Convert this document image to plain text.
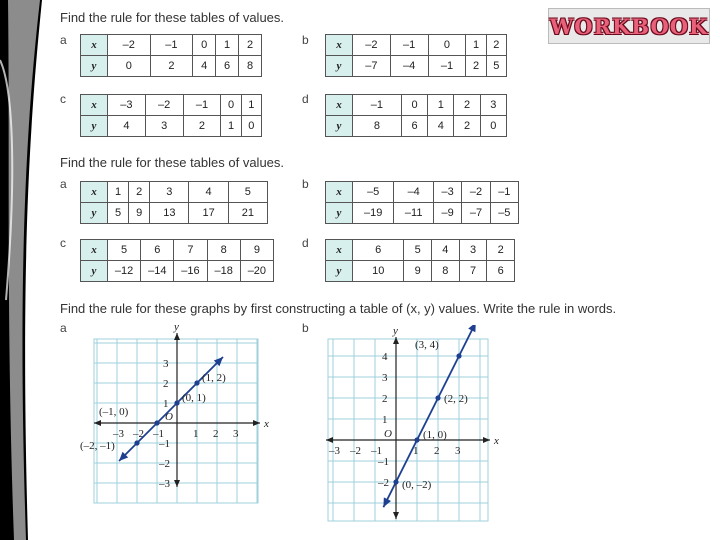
WORKBOOK
Find the rule for these tables of values.
a x	–2	–1	0	1	2
y	0	2	4	6	8
b	x	–2	–1	0	1	2
y	–7	–4	–1	2	5
c x	–3	–2	–1	0	1
y	4	3	2	1	0
d	x	–1	0	1	2	3
y	8	6	4	2	0
Find the rule for these tables of values.
a
x	1	2	3	4	5
y	5	9	13	17	21
b
x	–5	–4	–3	–2	–1
y	–19	–11	–9	–7	–5
c x	5	6	7	8	9
y	–12	–14	–16	–18	–20
d	x	6	5	4	3	2
y	10	9	8	7	6
Find the rule for these graphs by first constructing a table of (x, y) values. Write the rule in words.
a
x
y
–3 –2 –1	1 2 3
3
2
1
–1
–2
–3
O
(–2, –1)
(–1, 0)
(0, 1)
(1, 2)
b
x
y
–3 –2 –1	1 2 3
4
3
2
1
–1
–2
O
(0, –2)
(1, 0)
(2, 2)
(3, 4)
